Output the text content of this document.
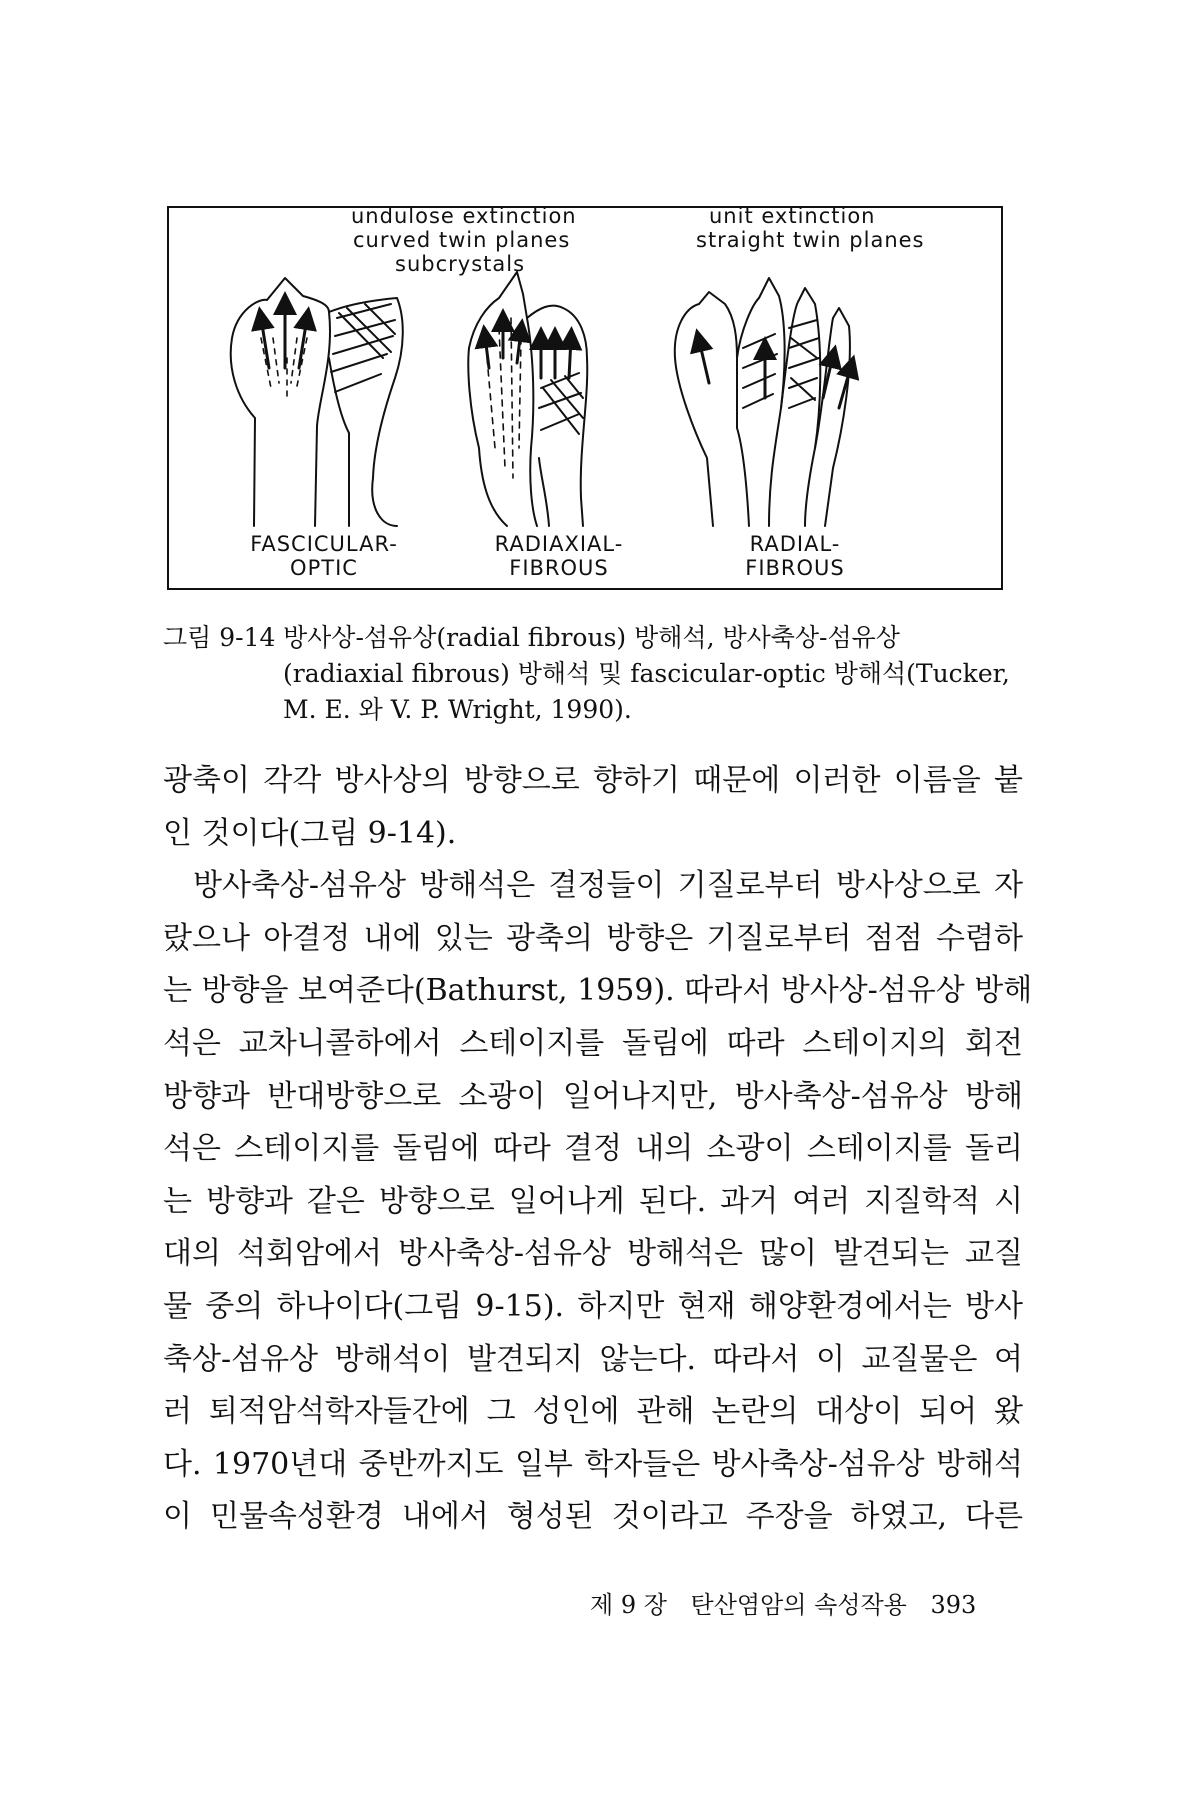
undulose extinction
curved twin planes
subcrystals
unit extinction
straight twin planes
FASCICULAR-
OPTIC
RADIAXIAL-
FIBROUS
RADIAL-
FIBROUS
그림 9-14 방사상-섬유상(radial fibrous) 방해석, 방사축상-섬유상
(radiaxial fibrous) 방해석 및 fascicular-optic 방해석(Tucker,
M. E. 와 V. P. Wright, 1990).
광축이 각각 방사상의 방향으로 향하기 때문에 이러한 이름을 붙
인 것이다(그림 9-14).
방사축상-섬유상 방해석은 결정들이 기질로부터 방사상으로 자
랐으나 아결정 내에 있는 광축의 방향은 기질로부터 점점 수렴하
는 방향을 보여준다(Bathurst, 1959). 따라서 방사상-섬유상 방해
석은 교차니콜하에서 스테이지를 돌림에 따라 스테이지의 회전
방향과 반대방향으로 소광이 일어나지만, 방사축상-섬유상 방해
석은 스테이지를 돌림에 따라 결정 내의 소광이 스테이지를 돌리
는 방향과 같은 방향으로 일어나게 된다. 과거 여러 지질학적 시
대의 석회암에서 방사축상-섬유상 방해석은 많이 발견되는 교질
물 중의 하나이다(그림 9-15). 하지만 현재 해양환경에서는 방사
축상-섬유상 방해석이 발견되지 않는다. 따라서 이 교질물은 여
러 퇴적암석학자들간에 그 성인에 관해 논란의 대상이 되어 왔
다. 1970년대 중반까지도 일부 학자들은 방사축상-섬유상 방해석
이 민물속성환경 내에서 형성된 것이라고 주장을 하였고, 다른
제 9 장 탄산염암의 속성작용 393
